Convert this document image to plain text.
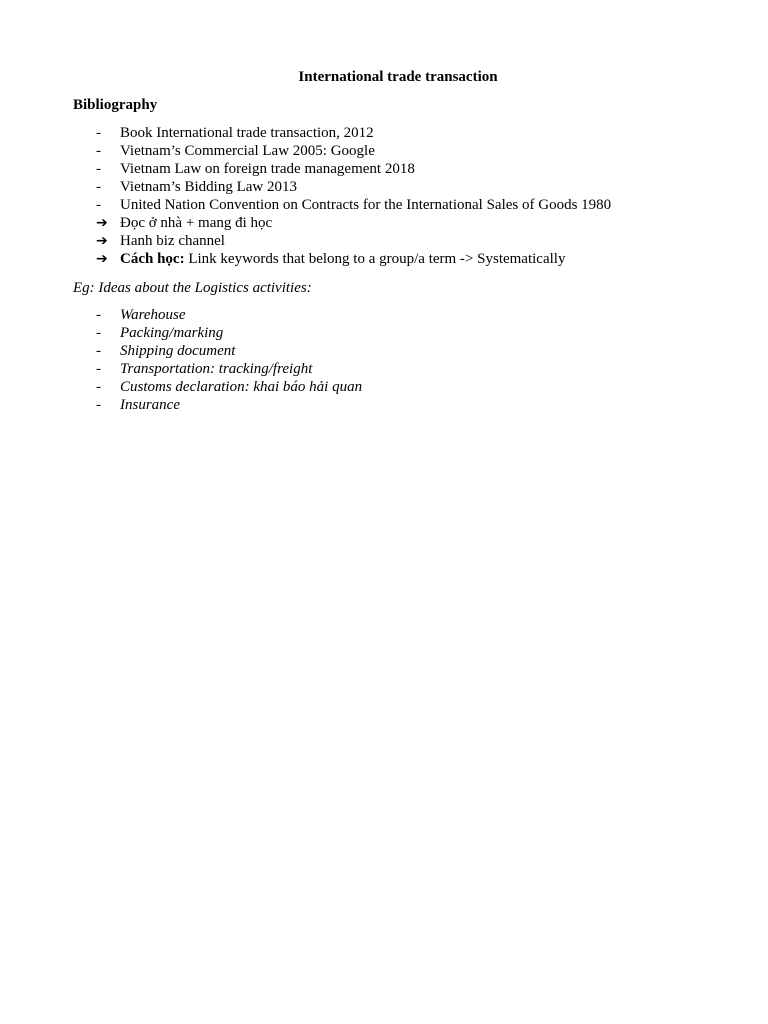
International trade transaction

Bibliography

-	Book International trade transaction, 2012
-	Vietnam’s Commercial Law 2005: Google
-	Vietnam Law on foreign trade management 2018
-	Vietnam’s Bidding Law 2013
-	United Nation Convention on Contracts for the International Sales of Goods 1980
➔ Đọc ở nhà + mang đi học
➔ Hanh biz channel
➔ Cách học: Link keywords that belong to a group/a term -> Systematically

Eg: Ideas about the Logistics activities:

-	Warehouse
-	Packing/marking
-	Shipping document
-	Transportation: tracking/freight
-	Customs declaration: khai báo hải quan
-	Insurance
